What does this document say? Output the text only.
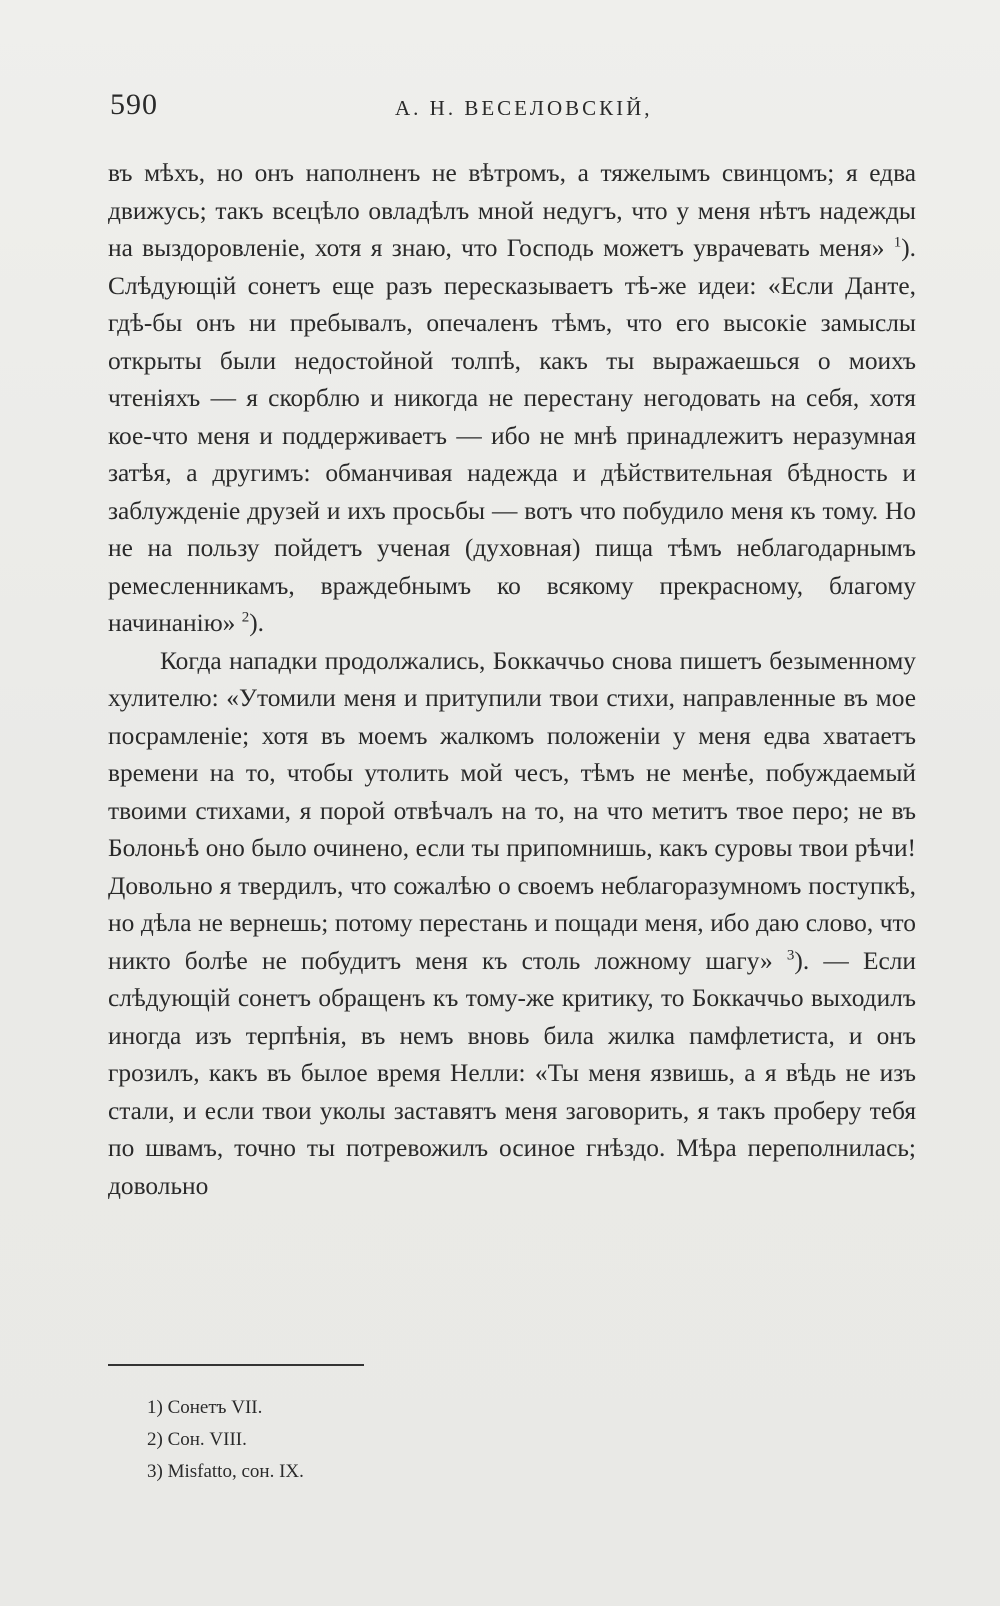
590	А. Н. ВЕСЕЛОВСКІЙ,

въ мѣхъ, но онъ наполненъ не вѣтромъ, а тяжелымъ свинцомъ; я едва движусь; такъ всецѣло овладѣлъ мной недугъ, что у меня нѣтъ надежды на выздоровленіе, хотя я знаю, что Господь можетъ уврачевать меня» $^1$). Слѣдующій сонетъ еще разъ пересказываетъ тѣ-же идеи: «Если Данте, гдѣ-бы онъ ни пребывалъ, опечаленъ тѣмъ, что его высокіе замыслы открыты были недостойной толпѣ, какъ ты выражаешься о моихъ чтеніяхъ — я скорблю и никогда не перестану негодовать на себя, хотя кое-что меня и поддерживаетъ — ибо не мнѣ принадлежитъ неразумная затѣя, а другимъ: обманчивая надежда и дѣйствительная бѣдность и заблужденіе друзей и ихъ просьбы — вотъ что побудило меня къ тому. Но не на пользу пойдетъ ученая (духовная) пища тѣмъ неблагодарнымъ ремесленникамъ, враждебнымъ ко всякому прекрасному, благому начинанію» $^2$).

Когда нападки продолжались, Боккаччьо снова пишетъ безыменному хулителю: «Утомили меня и притупили твои стихи, направленные въ мое посрамленіе; хотя въ моемъ жалкомъ положеніи у меня едва хватаетъ времени на то, чтобы утолить мой чесъ, тѣмъ не менѣе, побуждаемый твоими стихами, я порой отвѣчалъ на то, на что метитъ твое перо; не въ Болоньѣ оно было очинено, если ты припомнишь, какъ суровы твои рѣчи! Довольно я твердилъ, что сожалѣю о своемъ неблагоразумномъ поступкѣ, но дѣла не вернешь; потому перестань и пощади меня, ибо даю слово, что никто болѣе не побудитъ меня къ столь ложному шагу» $^3$). — Если слѣдующій сонетъ обращенъ къ тому-же критику, то Боккаччьо выходилъ иногда изъ терпѣнія, въ немъ вновь била жилка памфлетиста, и онъ грозилъ, какъ въ былое время Нелли: «Ты меня язвишь, а я вѣдь не изъ стали, и если твои уколы заставятъ меня заговорить, я такъ проберу тебя по швамъ, точно ты потревожилъ осиное гнѣздо. Мѣра переполнилась; довольно

1) Сонетъ VII.
2) Сон. VIII.
3) Misfatto, сон. IX.
